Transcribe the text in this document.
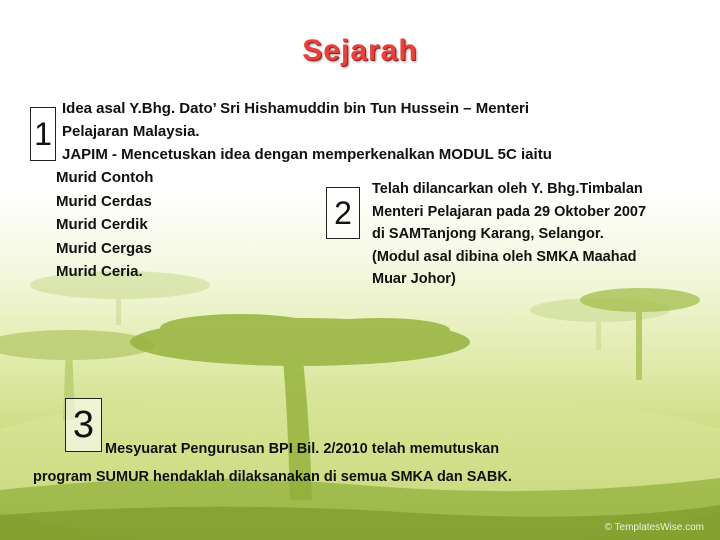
Sejarah
1
Idea asal Y.Bhg. Dato’ Sri Hishamuddin bin Tun Hussein – Menteri
Pelajaran Malaysia.
JAPIM - Mencetuskan idea dengan memperkenalkan MODUL 5C iaitu
Murid Contoh
Murid Cerdas
Murid Cerdik
Murid Cergas
Murid Ceria.
2
Telah dilancarkan oleh Y. Bhg.Timbalan
Menteri Pelajaran pada 29 Oktober 2007
di SAMTanjong Karang, Selangor.
(Modul asal dibina oleh SMKA Maahad
Muar Johor)
3
Mesyuarat Pengurusan BPI Bil. 2/2010 telah memutuskan
program SUMUR hendaklah dilaksanakan di semua SMKA dan SABK.
© TemplatesWise.com
